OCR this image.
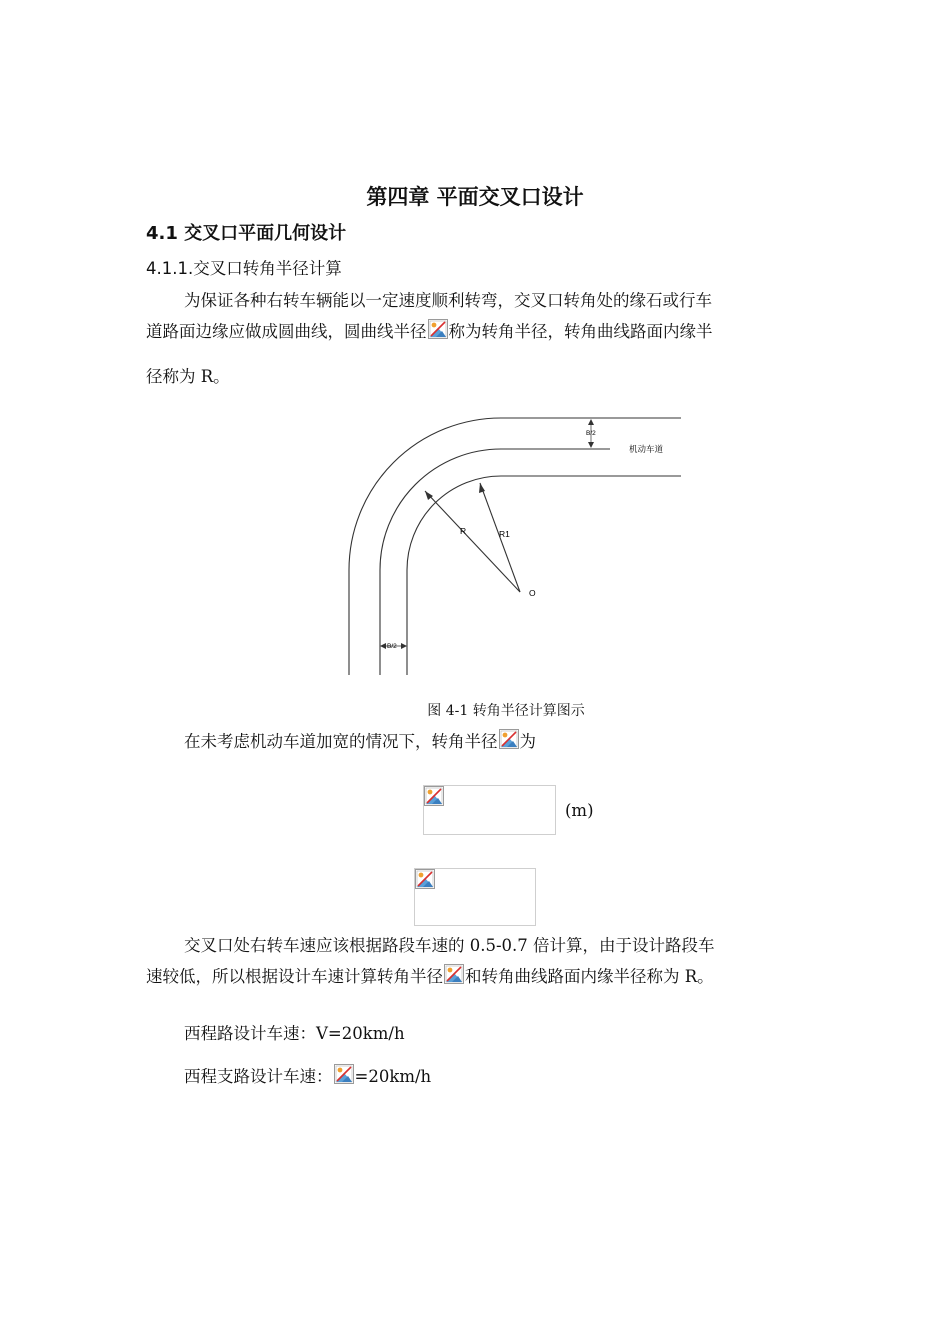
第四章 平面交叉口设计
4.1 交叉口平面几何设计
4.1.1.交叉口转角半径计算
为保证各种右转车辆能以一定速度顺利转弯，交叉口转角处的缘石或行车
道路面边缘应做成圆曲线，圆曲线半径 称为转角半径，转角曲线路面内缘半
径称为 R。
B/2
机动车道
R	R1
O
B/2
图 4-1 转角半径计算图示
在未考虑机动车道加宽的情况下，转角半径 为
(m)
交叉口处右转车速应该根据路段车速的 0.5-0.7 倍计算，由于设计路段车
速较低，所以根据设计车速计算转角半径 和转角曲线路面内缘半径称为 R。
西程路设计车速：V=20km/h
西程支路设计车速： =20km/h
